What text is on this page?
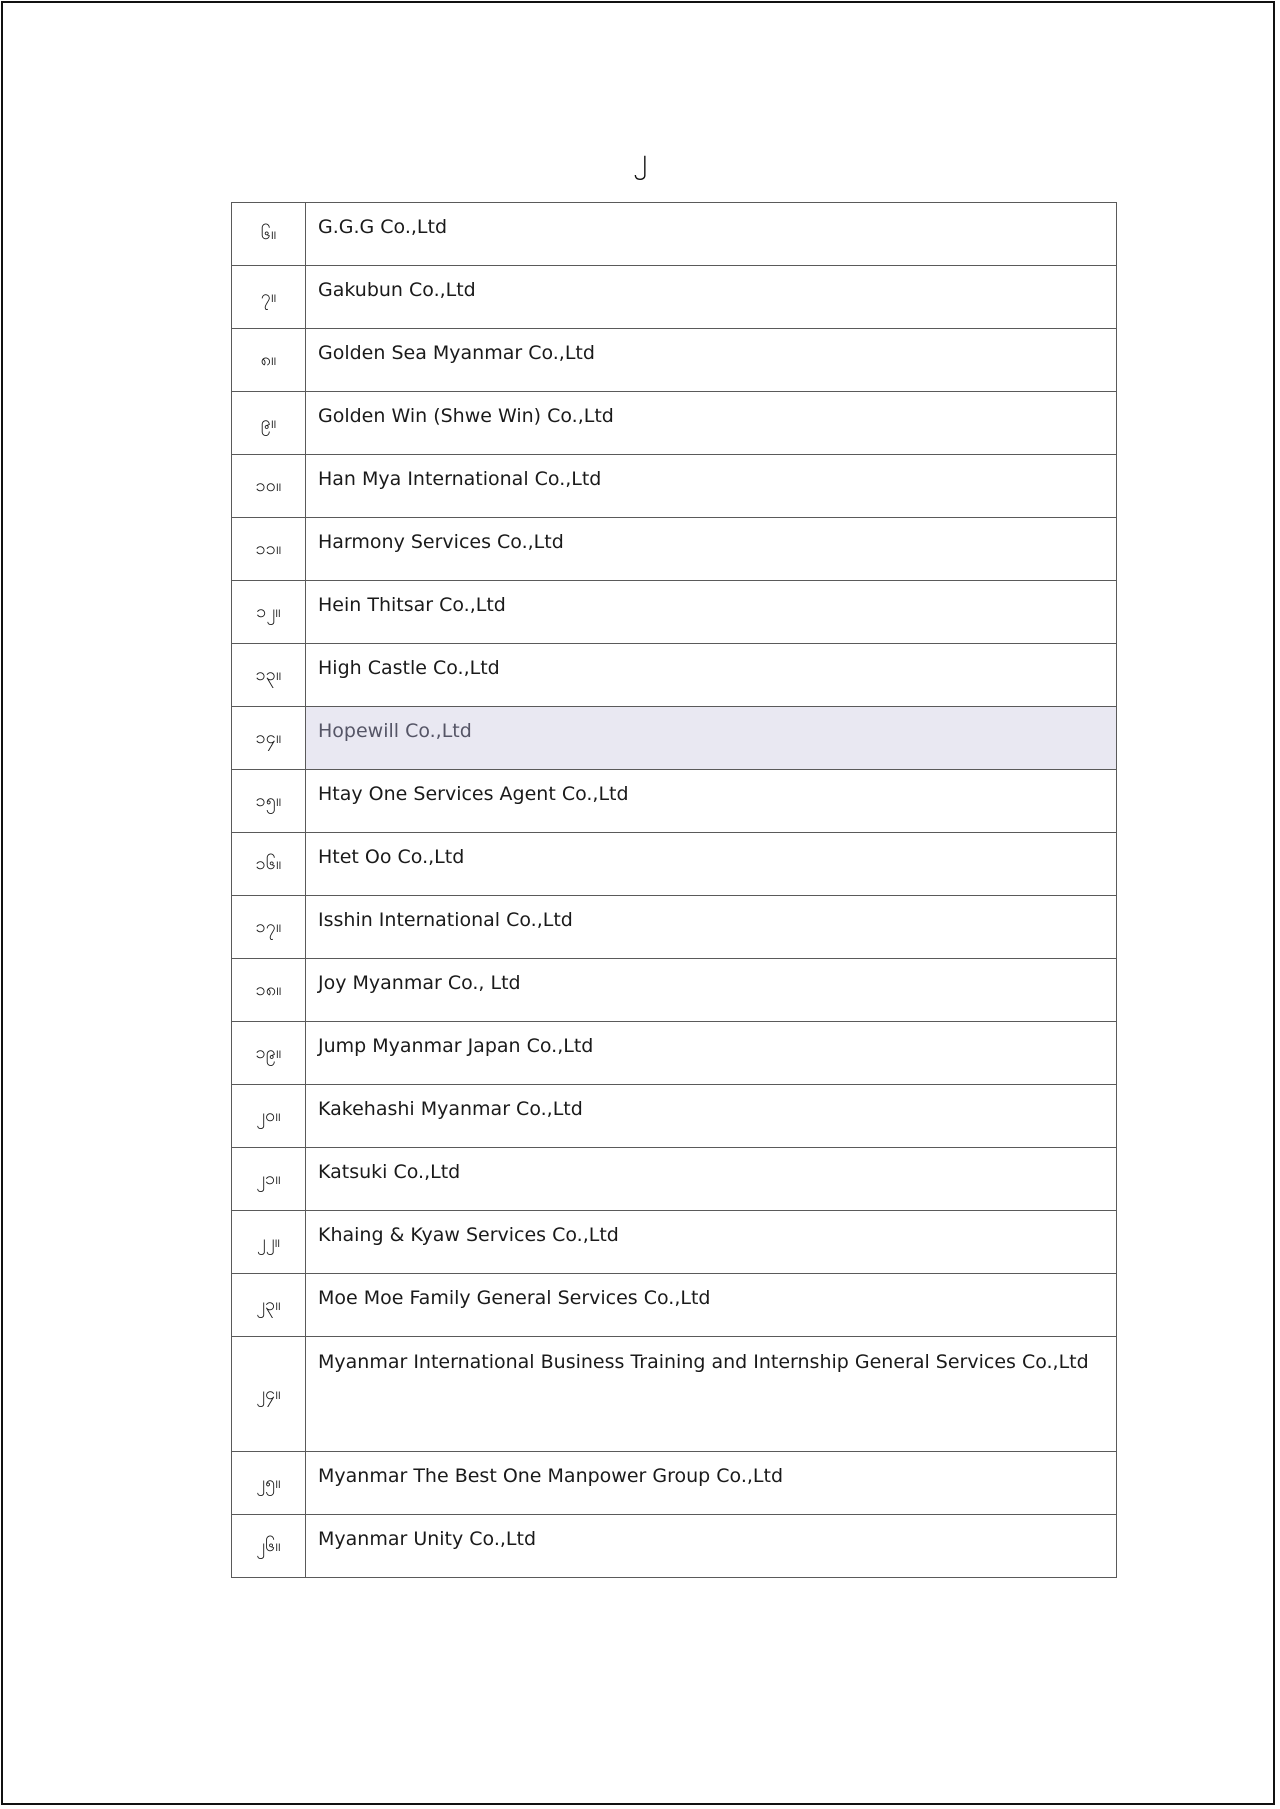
၂
၆။	G.G.G Co.,Ltd
၇။	Gakubun Co.,Ltd
၈။	Golden Sea Myanmar Co.,Ltd
၉။	Golden Win (Shwe Win) Co.,Ltd
၁၀။	Han Mya International Co.,Ltd
၁၁။	Harmony Services Co.,Ltd
၁၂။	Hein Thitsar Co.,Ltd
၁၃။	High Castle Co.,Ltd
၁၄။	Hopewill Co.,Ltd
၁၅။	Htay One Services Agent Co.,Ltd
၁၆။	Htet Oo Co.,Ltd
၁၇။	Isshin International Co.,Ltd
၁၈။	Joy Myanmar Co., Ltd
၁၉။	Jump Myanmar Japan Co.,Ltd
၂၀။	Kakehashi Myanmar Co.,Ltd
၂၁။	Katsuki Co.,Ltd
၂၂။	Khaing & Kyaw Services Co.,Ltd
၂၃။	Moe Moe Family General Services Co.,Ltd
၂၄။	Myanmar International Business Training and Internship General Services Co.,Ltd
၂၅။	Myanmar The Best One Manpower Group Co.,Ltd
၂၆။	Myanmar Unity Co.,Ltd
